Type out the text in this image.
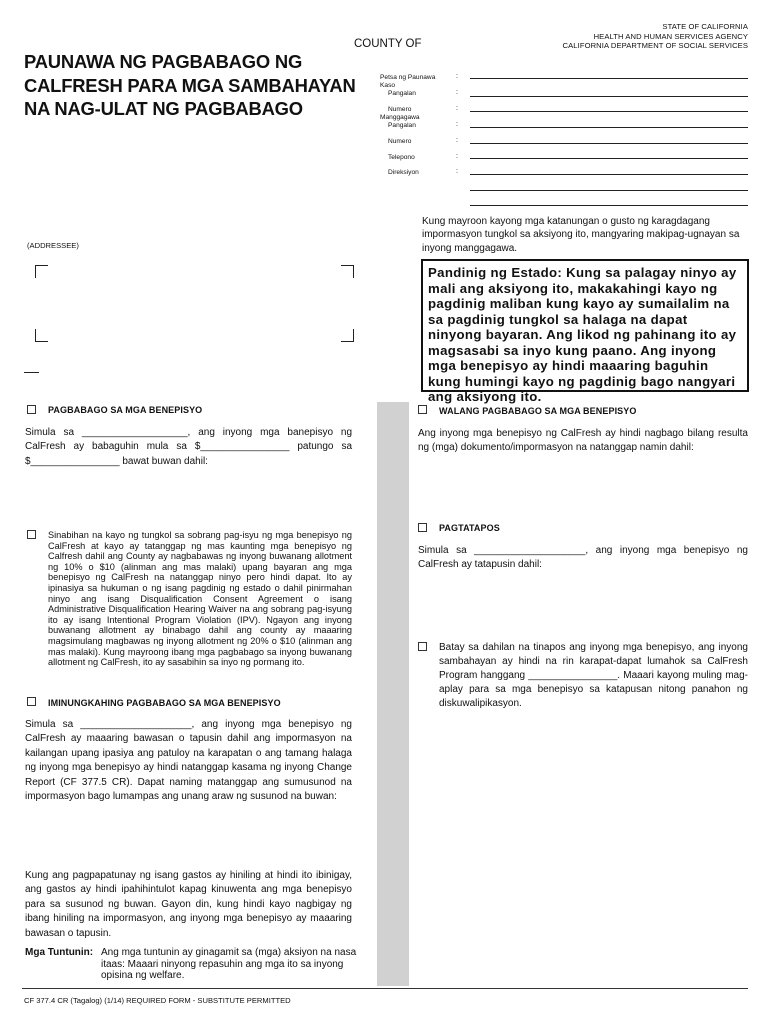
STATE OF CALIFORNIA
HEALTH AND HUMAN SERVICES AGENCY
CALIFORNIA DEPARTMENT OF SOCIAL SERVICES
COUNTY OF
PAUNAWA NG PAGBABAGO NG
CALFRESH PARA MGA SAMBAHAYAN
NA NAG-ULAT NG PAGBABAGO
Petsa ng Paunawa
Kaso
Pangalan
Numero
Manggagawa
Pangalan
Numero
Telepono
Direksiyon
:
:
:
:
:
:
:
Kung mayroon kayong mga katanungan o gusto ng karagdagang impormasyon tungkol sa aksiyong ito, mangyaring makipag-ugnayan sa inyong manggagawa.
Pandinig ng Estado: Kung sa palagay ninyo ay mali ang aksiyong ito, makakahingi kayo ng pagdinig maliban kung kayo ay sumailalim na sa pagdinig tungkol sa halaga na dapat ninyong bayaran. Ang likod ng pahinang ito ay magsasabi sa inyo kung paano. Ang inyong mga benepisyo ay hindi maaaring baguhin kung humingi kayo ng pagdinig bago nangyari ang aksiyong ito.
(ADDRESSEE)
PAGBABAGO SA MGA BENEPISYO
Simula sa ___________________, ang inyong mga banepisyo ng CalFresh ay babaguhin mula sa $________________ patungo sa $________________ bawat buwan dahil:
Sinabihan na kayo ng tungkol sa sobrang pag-isyu ng mga benepisyo ng CalFresh at kayo ay tatanggap ng mas kaunting mga benepisyo ng Calfresh dahil ang County ay nagbabawas ng inyong buwanang allotment ng 10% o $10 (alinman ang mas malaki) upang bayaran ang mga benepisyo ng CalFresh na natanggap ninyo pero hindi dapat. Ito ay ipinasiya sa hukuman o ng isang pagdinig ng estado o dahil pinirmahan ninyo ang isang Disqualification Consent Agreement o isang Administrative Disqualification Hearing Waiver na ang sobrang pag-isyung ito ay isang Intentional Program Violation (IPV). Ngayon ang inyong buwanang allotment ay binabago dahil ang county ay maaaring magsimulang magbawas ng inyong allotment ng 20% o $10 (alinman ang mas malaki). Kung mayroong ibang mga pagbabago sa inyong buwanang allotment ng CalFresh, ito ay sasabihin sa inyo ng pormang ito.
IMINUNGKAHING PAGBABAGO SA MGA BENEPISYO
Simula sa ____________________, ang inyong mga benepisyo ng CalFresh ay maaaring bawasan o tapusin dahil ang impormasyon na kailangan upang ipasiya ang patuloy na karapatan o ang tamang halaga ng inyong mga benepisyo ay hindi natanggap kasama ng inyong Change Report (CF 377.5 CR). Dapat naming matanggap ang sumusunod na impormasyon bago lumampas ang unang araw ng susunod na buwan:
Kung ang pagpapatunay ng isang gastos ay hiniling at hindi ito ibinigay, ang gastos ay hindi ipahihintulot kapag kinuwenta ang mga benepisyo para sa susunod ng buwan. Gayon din, kung hindi kayo nagbigay ng ibang hiniling na impormasyon, ang inyong mga benepisyo ay maaaring bawasan o tapusin.
Mga Tuntunin: Ang mga tuntunin ay ginagamit sa (mga) aksiyon na nasa itaas: Maaari ninyong repasuhin ang mga ito sa inyong opisina ng welfare.
WALANG PAGBABAGO SA MGA BENEPISYO
Ang inyong mga benepisyo ng CalFresh ay hindi nagbago bilang resulta ng (mga) dokumento/impormasyon na natanggap namin dahil:
PAGTATAPOS
Simula sa ____________________, ang inyong mga benepisyo ng CalFresh ay tatapusin dahil:
Batay sa dahilan na tinapos ang inyong mga benepisyo, ang inyong sambahayan ay hindi na rin karapat-dapat lumahok sa CalFresh Program hanggang ________________. Maaari kayong muling mag-aplay para sa mga benepisyo sa katapusan nitong panahon ng diskuwalipikasyon.
CF 377.4 CR (Tagalog) (1/14) REQUIRED FORM - SUBSTITUTE PERMITTED
